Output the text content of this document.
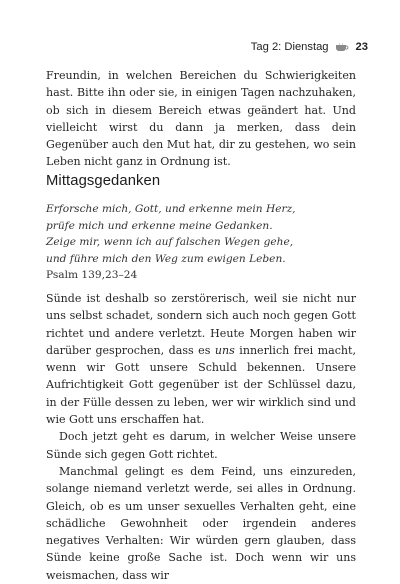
Tag 2: Dienstag 23

Freundin, in welchen Bereichen du Schwierigkeiten hast. Bitte ihn oder sie, in einigen Tagen nachzuhaken, ob sich in diesem Bereich etwas geändert hat. Und vielleicht wirst du dann ja merken, dass dein Gegenüber auch den Mut hat, dir zu gestehen, wo sein Leben nicht ganz in Ordnung ist.

Mittagsgedanken
Erforsche mich, Gott, und erkenne mein Herz,
prüfe mich und erkenne meine Gedanken.
Zeige mir, wenn ich auf falschen Wegen gehe,
und führe mich den Weg zum ewigen Leben.
Psalm 139,23–24

Sünde ist deshalb so zerstörerisch, weil sie nicht nur uns selbst schadet, sondern sich auch noch gegen Gott richtet und andere verletzt. Heute Morgen haben wir darüber gesprochen, dass es uns innerlich frei macht, wenn wir Gott unsere Schuld bekennen. Unsere Aufrichtigkeit Gott gegenüber ist der Schlüssel dazu, in der Fülle dessen zu leben, wer wir wirklich sind und wie Gott uns erschaffen hat.

Doch jetzt geht es darum, in welcher Weise unsere Sünde sich gegen Gott richtet.

Manchmal gelingt es dem Feind, uns einzureden, solange niemand verletzt werde, sei alles in Ordnung. Gleich, ob es um unser sexuelles Verhalten geht, eine schädliche Gewohnheit oder irgendein anderes negatives Verhalten: Wir würden gern glauben, dass Sünde keine große Sache ist. Doch wenn wir uns weismachen, dass wir
